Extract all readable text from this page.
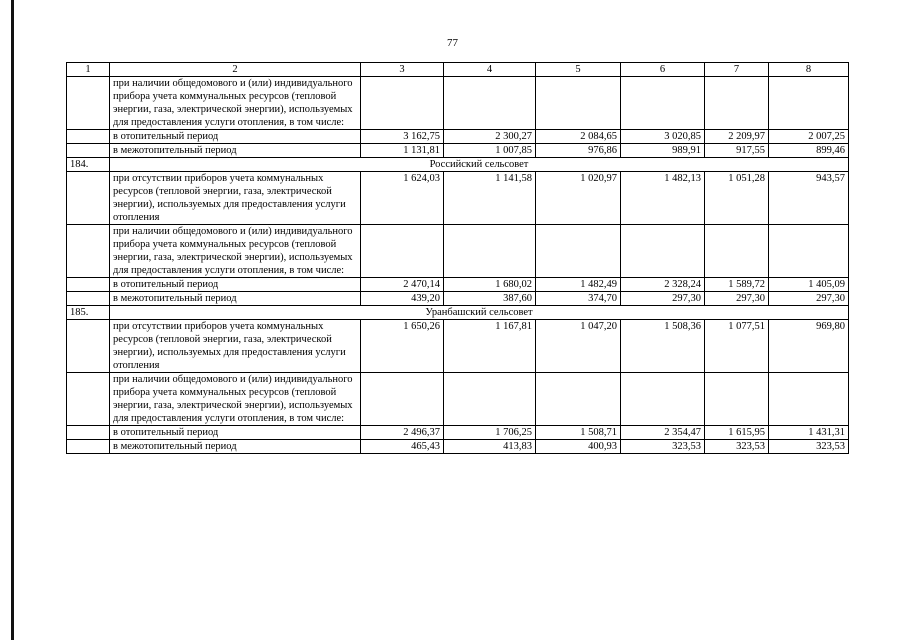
77
1	2	3	4	5	6	7	8
	при наличии общедомового и (или) индивидуального прибора учета коммунальных ресурсов (тепловой энергии, газа, электрической энергии), используемых для предоставления услуги отопления, в том числе:						
	в отопительный период	3 162,75	2 300,27	2 084,65	3 020,85	2 209,97	2 007,25
	в межотопительный период	1 131,81	1 007,85	976,86	989,91	917,55	899,46
184.	Российский сельсовет						
	при отсутствии приборов учета коммунальных ресурсов (тепловой энергии, газа, электрической энергии), используемых для предоставления услуги отопления	1 624,03	1 141,58	1 020,97	1 482,13	1 051,28	943,57
	при наличии общедомового и (или) индивидуального прибора учета коммунальных ресурсов (тепловой энергии, газа, электрической энергии), используемых для предоставления услуги отопления, в том числе:						
	в отопительный период	2 470,14	1 680,02	1 482,49	2 328,24	1 589,72	1 405,09
	в межотопительный период	439,20	387,60	374,70	297,30	297,30	297,30
185.	Уранбашский сельсовет						
	при отсутствии приборов учета коммунальных ресурсов (тепловой энергии, газа, электрической энергии), используемых для предоставления услуги отопления	1 650,26	1 167,81	1 047,20	1 508,36	1 077,51	969,80
	при наличии общедомового и (или) индивидуального прибора учета коммунальных ресурсов (тепловой энергии, газа, электрической энергии), используемых для предоставления услуги отопления, в том числе:						
	в отопительный период	2 496,37	1 706,25	1 508,71	2 354,47	1 615,95	1 431,31
	в межотопительный период	465,43	413,83	400,93	323,53	323,53	323,53
